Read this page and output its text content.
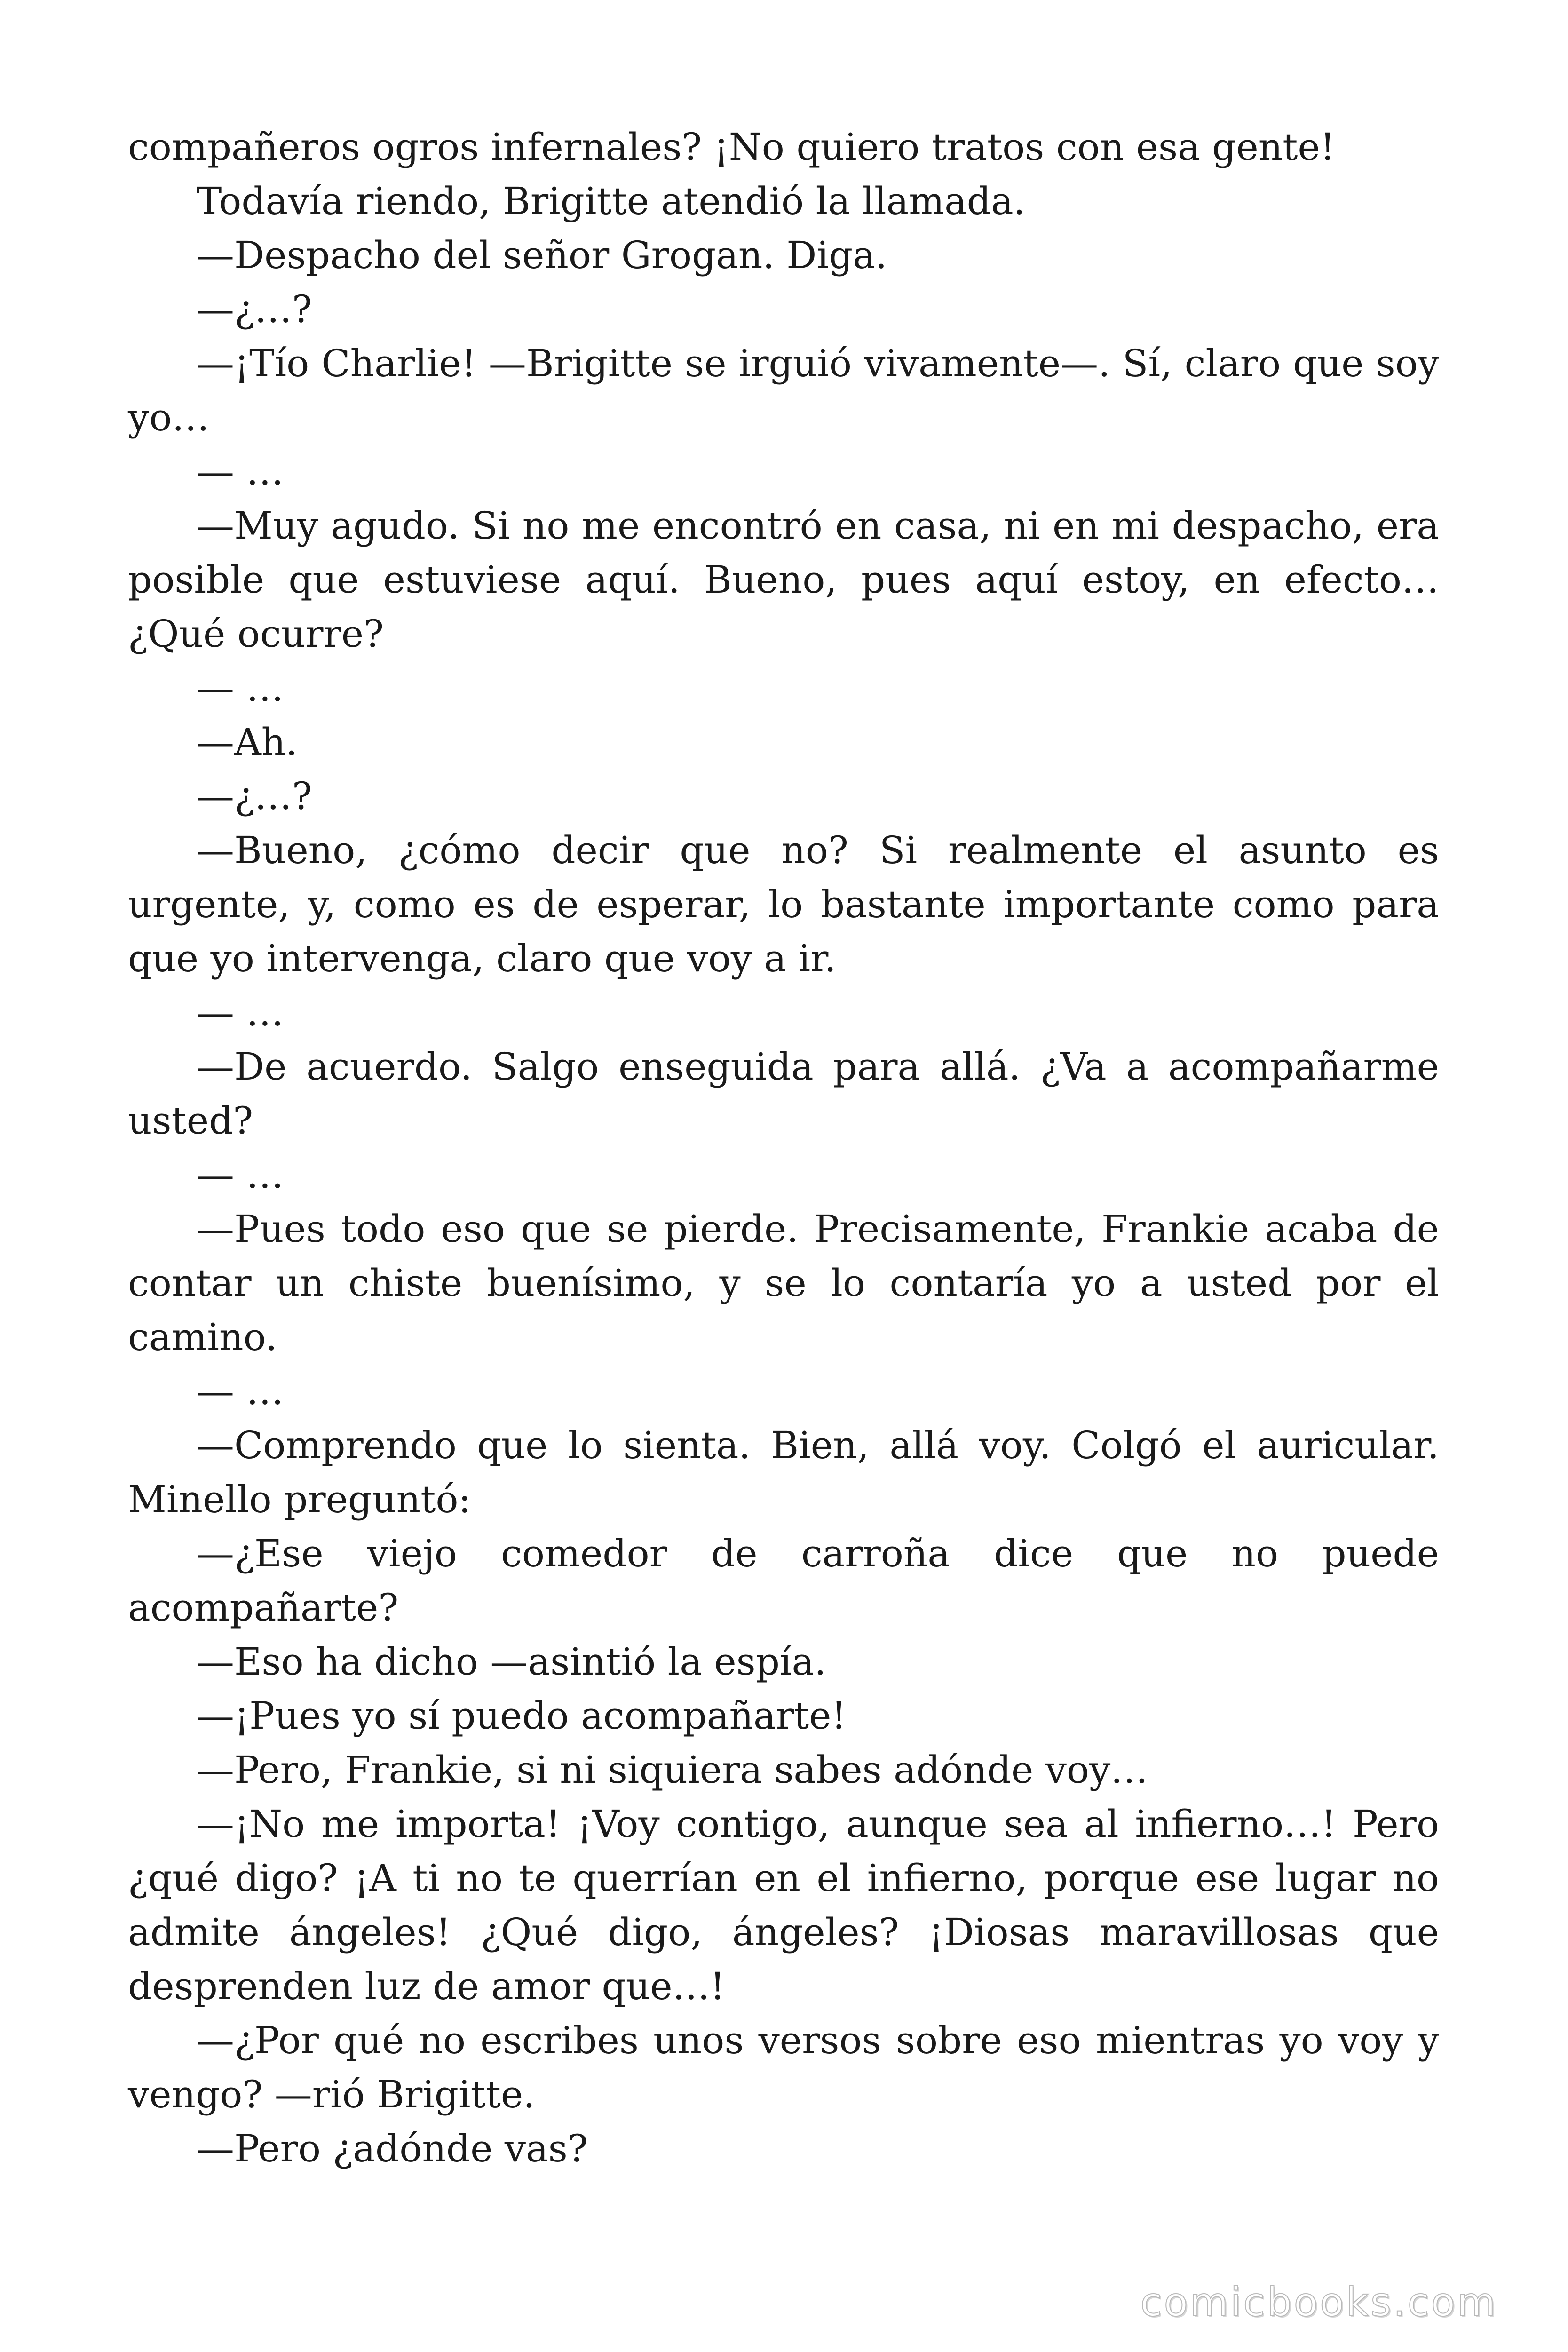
compañeros ogros infernales? ¡No quiero tratos con esa gente!

Todavía riendo, Brigitte atendió la llamada.

—Despacho del señor Grogan. Diga.

—¿…?

—¡Tío Charlie! —Brigitte se irguió vivamente—. Sí, claro que soy yo…

— …

—Muy agudo. Si no me encontró en casa, ni en mi despacho, era posible que estuviese aquí. Bueno, pues aquí estoy, en efecto… ¿Qué ocurre?

— …

—Ah.

—¿…?

—Bueno, ¿cómo decir que no? Si realmente el asunto es urgente, y, como es de esperar, lo bastante importante como para que yo intervenga, claro que voy a ir.

— …

—De acuerdo. Salgo enseguida para allá. ¿Va a acompañarme usted?

— …

—Pues todo eso que se pierde. Precisamente, Frankie acaba de contar un chiste buenísimo, y se lo contaría yo a usted por el camino.

— …

—Comprendo que lo sienta. Bien, allá voy. Colgó el auricular. Minello preguntó:

—¿Ese viejo comedor de carroña dice que no puede acompañarte?

—Eso ha dicho —asintió la espía.

—¡Pues yo sí puedo acompañarte!

—Pero, Frankie, si ni siquiera sabes adónde voy…

—¡No me importa! ¡Voy contigo, aunque sea al infierno…! Pero ¿qué digo? ¡A ti no te querrían en el infierno, porque ese lugar no admite ángeles! ¿Qué digo, ángeles? ¡Diosas maravillosas que desprenden luz de amor que…!

—¿Por qué no escribes unos versos sobre eso mientras yo voy y vengo? —rió Brigitte.

—Pero ¿adónde vas?

comicbooks.com
